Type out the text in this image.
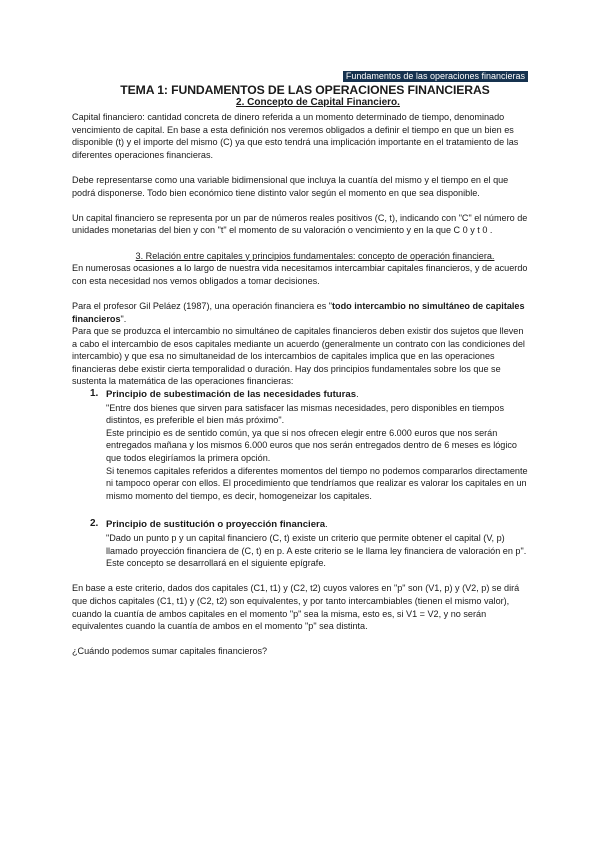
Fundamentos de las operaciones financieras
TEMA 1: FUNDAMENTOS DE LAS OPERACIONES FINANCIERAS
2. Concepto de Capital Financiero.

Capital financiero: cantidad concreta de dinero referida a un momento determinado de tiempo, denominado vencimiento de capital. En base a esta definición nos veremos obligados a definir el tiempo en que un bien es disponible (t) y el importe del mismo (C) ya que esto tendrá una implicación importante en el tratamiento de las diferentes operaciones financieras.

Debe representarse como una variable bidimensional que incluya la cuantía del mismo y el tiempo en el que podrá disponerse. Todo bien económico tiene distinto valor según el momento en que sea disponible.

Un capital financiero se representa por un par de números reales positivos (C, t), indicando con "C" el número de unidades monetarias del bien y con "t" el momento de su valoración o vencimiento y en la que C 0 y t 0 .

3. Relación entre capitales y principios fundamentales: concepto de operación financiera.

En numerosas ocasiones a lo largo de nuestra vida necesitamos intercambiar capitales financieros, y de acuerdo con esta necesidad nos vemos obligados a tomar decisiones.

Para el profesor Gil Peláez (1987), una operación financiera es "todo intercambio no simultáneo de capitales financieros".

Para que se produzca el intercambio no simultáneo de capitales financieros deben existir dos sujetos que lleven a cabo el intercambio de esos capitales mediante un acuerdo (generalmente un contrato con las condiciones del intercambio) y que esa no simultaneidad de los intercambios de capitales implica que en las operaciones financieras debe existir cierta temporalidad o duración. Hay dos principios fundamentales sobre los que se sustenta la matemática de las operaciones financieras:

1. Principio de subestimación de las necesidades futuras.

"Entre dos bienes que sirven para satisfacer las mismas necesidades, pero disponibles en tiempos distintos, es preferible el bien más próximo".

Este principio es de sentido común, ya que si nos ofrecen elegir entre 6.000 euros que nos serán entregados mañana y los mismos 6.000 euros que nos serán entregados dentro de 6 meses es lógico que todos elegiríamos la primera opción.

Si tenemos capitales referidos a diferentes momentos del tiempo no podemos compararlos directamente ni tampoco operar con ellos. El procedimiento que tendríamos que realizar es valorar los capitales en un mismo momento del tiempo, es decir, homogeneizar los capitales.

2. Principio de sustitución o proyección financiera.

"Dado un punto p y un capital financiero (C, t) existe un criterio que permite obtener el capital (V, p) llamado proyección financiera de (C, t) en p. A este criterio se le llama ley financiera de valoración en p".

Este concepto se desarrollará en el siguiente epígrafe.

En base a este criterio, dados dos capitales (C1, t1) y (C2, t2) cuyos valores en "p" son (V1, p) y (V2, p) se dirá que dichos capitales (C1, t1) y (C2, t2) son equivalentes, y por tanto intercambiables (tienen el mismo valor), cuando la cuantía de ambos capitales en el momento "p" sea la misma, esto es, si V1 = V2, y no serán equivalentes cuando la cuantía de ambos en el momento "p" sea distinta.

¿Cuándo podemos sumar capitales financieros?
